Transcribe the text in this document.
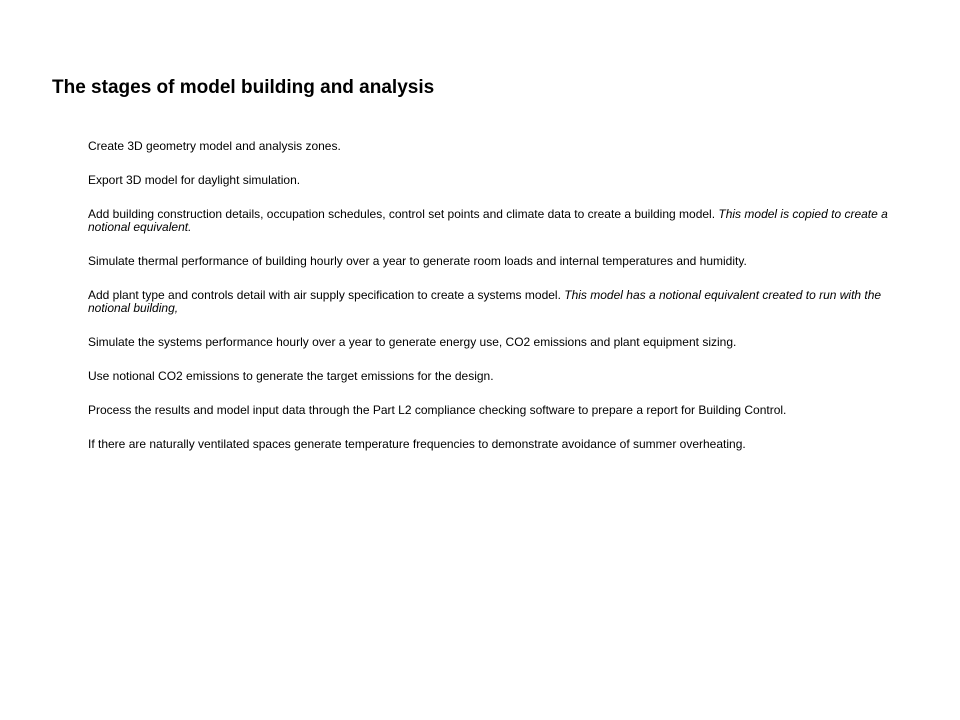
The stages of model building and analysis
Create 3D geometry model and analysis zones.
Export 3D model for daylight simulation.
Add building construction details, occupation schedules, control set points and climate data to create a building model. This model is copied to create a notional equivalent.
Simulate thermal performance of building hourly over a year to generate room loads and internal temperatures and humidity.
Add plant type and controls detail with air supply specification to create a systems model. This model has a notional equivalent created to run with the notional building,
Simulate the systems performance hourly over a year to generate energy use, CO2 emissions and plant equipment sizing.
Use notional CO2 emissions to generate the target emissions for the design.
Process the results and model input data through the Part L2 compliance checking software to prepare a report for Building Control.
If there are naturally ventilated spaces generate temperature frequencies to demonstrate avoidance of summer overheating.
